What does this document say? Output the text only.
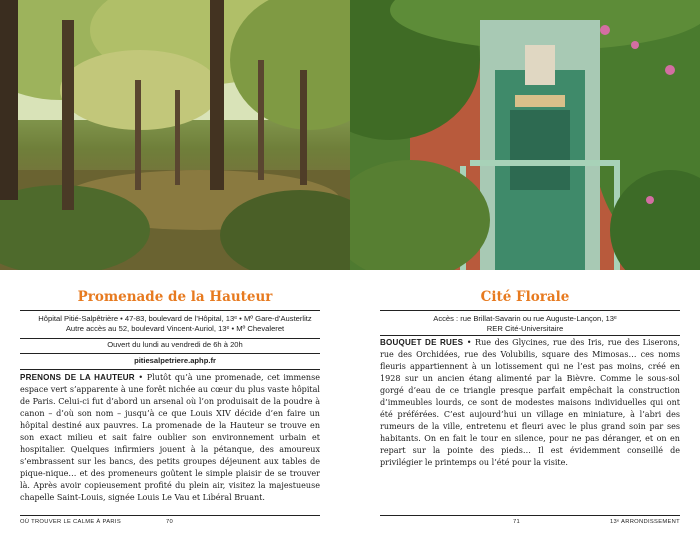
Promenade de la Hauteur
Hôpital Pitié-Salpêtrière • 47-83, boulevard de l’Hôpital, 13ᵉ • Mº Gare-d’Austerlitz
Autre accès au 52, boulevard Vincent-Auriol, 13ᵉ • Mº Chevaleret
Ouvert du lundi au vendredi de 6h à 20h
pitiesalpetriere.aphp.fr
PRENONS DE LA HAUTEUR • Plutôt qu’à une promenade, cet immense espace vert s’apparente à une forêt nichée au cœur du plus vaste hôpital de Paris. Celui-ci fut d’abord un arsenal où l’on produisait de la poudre à canon – d’où son nom – jusqu’à ce que Louis XIV décide d’en faire un hôpital destiné aux pauvres. La promenade de la Hauteur se trouve en son exact milieu et sait faire oublier son environnement urbain et hospitalier. Quelques infirmiers jouent à la pétanque, des amoureux s’embrassent sur les bancs, des petits groupes déjeunent aux tables de pique-nique… et des promeneurs goûtent le simple plaisir de se trouver là. Après avoir copieusement profité du plein air, visitez la majestueuse chapelle Saint-Louis, signée Louis Le Vau et Libéral Bruant.
OÙ TROUVER LE CALME À PARIS	70
Cité Florale
Accès : rue Brillat-Savarin ou rue Auguste-Lançon, 13ᵉ
RER Cité-Universitaire
BOUQUET DE RUES • Rue des Glycines, rue des Iris, rue des Liserons, rue des Orchidées, rue des Volubilis, square des Mimosas… ces noms fleuris appartiennent à un lotissement qui ne l’est pas moins, créé en 1928 sur un ancien étang alimenté par la Bièvre. Comme le sous-sol gorgé d’eau de ce triangle presque parfait empêchait la construction d’immeubles lourds, ce sont de modestes maisons individuelles qui ont été préférées. C’est aujourd’hui un village en miniature, à l’abri des rumeurs de la ville, entretenu et fleuri avec le plus grand soin par ses habitants. On en fait le tour en silence, pour ne pas déranger, et on en repart sur la pointe des pieds… Il est évidemment conseillé de privilégier le printemps ou l’été pour la visite.
71	13ᵉ ARRONDISSEMENT
